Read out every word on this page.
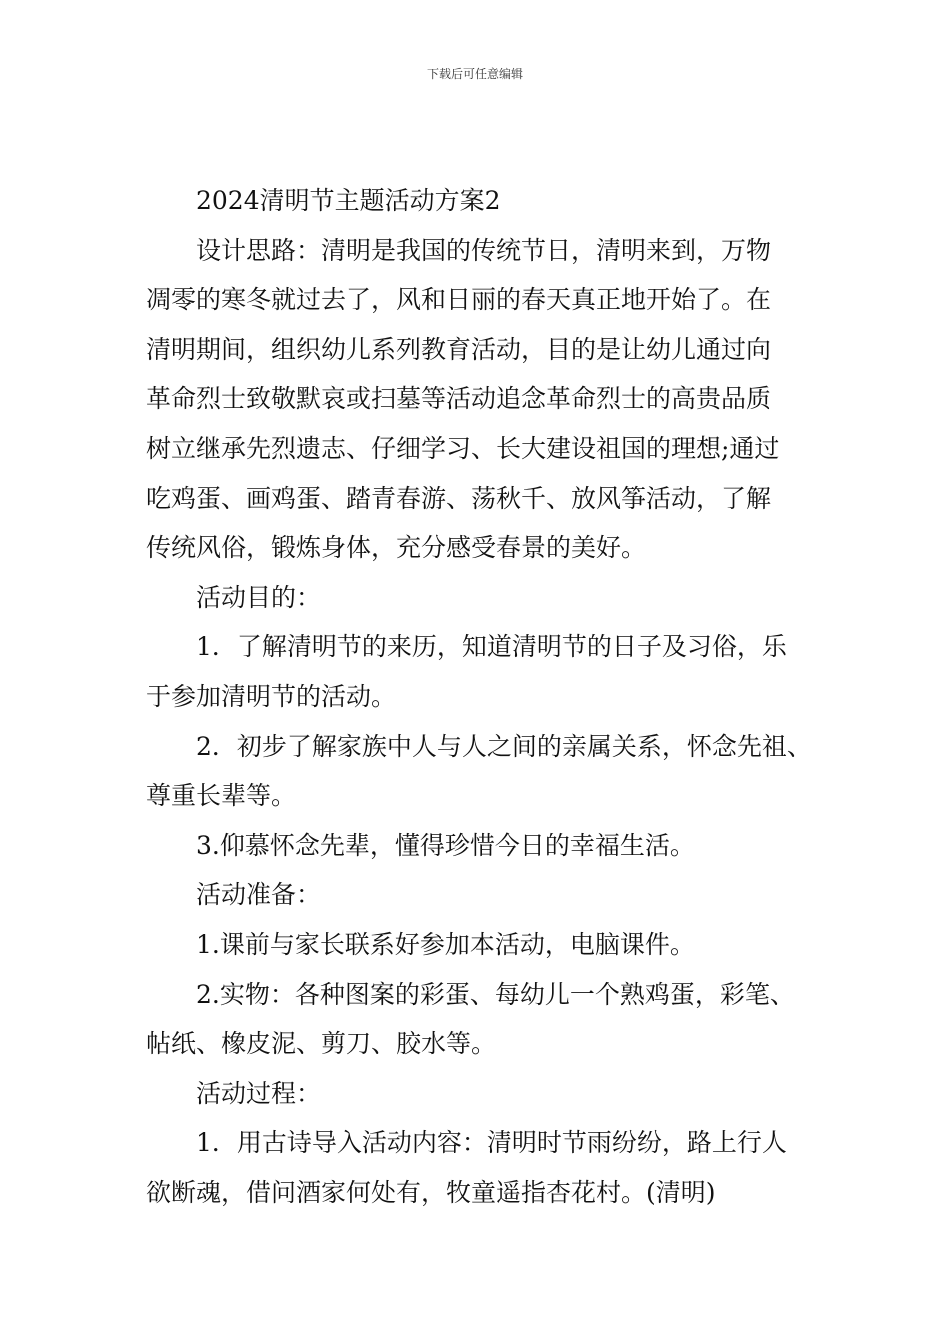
下载后可任意编辑

2024清明节主题活动方案2

设计思路：清明是我国的传统节日，清明来到，万物

凋零的寒冬就过去了，风和日丽的春天真正地开始了。在

清明期间，组织幼儿系列教育活动，目的是让幼儿通过向

革命烈士致敬默哀或扫墓等活动追念革命烈士的高贵品质

树立继承先烈遗志、仔细学习、长大建设祖国的理想;通过

吃鸡蛋、画鸡蛋、踏青春游、荡秋千、放风筝活动，了解

传统风俗，锻炼身体，充分感受春景的美好。

活动目的：

1．了解清明节的来历，知道清明节的日子及习俗，乐

于参加清明节的活动。

2．初步了解家族中人与人之间的亲属关系，怀念先祖、

尊重长辈等。

3.仰慕怀念先辈，懂得珍惜今日的幸福生活。

活动准备：

1.课前与家长联系好参加本活动，电脑课件。

2.实物：各种图案的彩蛋、每幼儿一个熟鸡蛋，彩笔、

帖纸、橡皮泥、剪刀、胶水等。

活动过程：

1．用古诗导入活动内容：清明时节雨纷纷，路上行人

欲断魂，借问酒家何处有，牧童遥指杏花村。(清明)
